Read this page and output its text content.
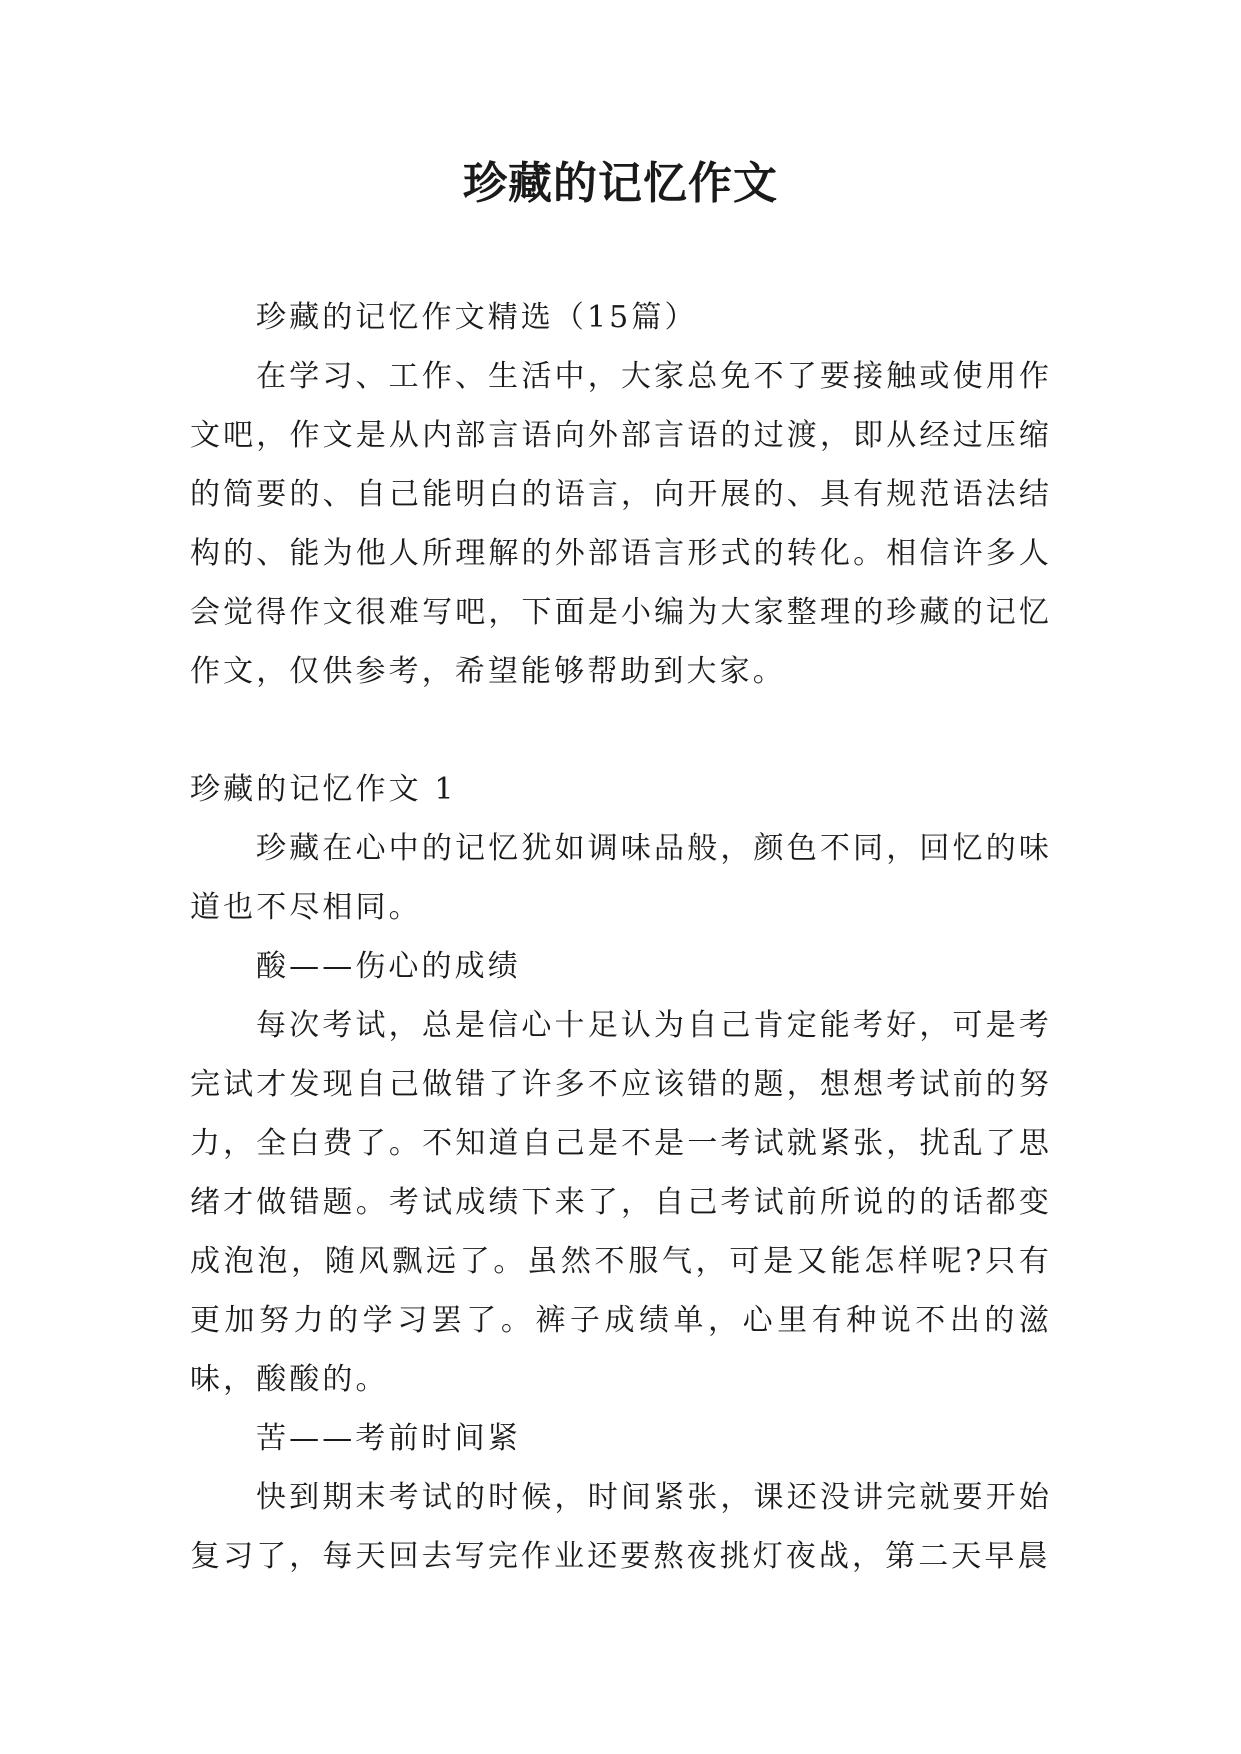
珍藏的记忆作文

珍藏的记忆作文精选（15篇）

在学习、工作、生活中，大家总免不了要接触或使用作文吧，作文是从内部言语向外部言语的过渡，即从经过压缩的简要的、自己能明白的语言，向开展的、具有规范语法结构的、能为他人所理解的外部语言形式的转化。相信许多人会觉得作文很难写吧，下面是小编为大家整理的珍藏的记忆作文，仅供参考，希望能够帮助到大家。

珍藏的记忆作文 1

珍藏在心中的记忆犹如调味品般，颜色不同，回忆的味道也不尽相同。

酸——伤心的成绩

每次考试，总是信心十足认为自己肯定能考好，可是考完试才发现自己做错了许多不应该错的题，想想考试前的努力，全白费了。不知道自己是不是一考试就紧张，扰乱了思绪才做错题。考试成绩下来了，自己考试前所说的的话都变成泡泡，随风飘远了。虽然不服气，可是又能怎样呢?只有更加努力的学习罢了。裤子成绩单，心里有种说不出的滋味，酸酸的。

苦——考前时间紧

快到期末考试的时候，时间紧张，课还没讲完就要开始复习了，每天回去写完作业还要熬夜挑灯夜战，第二天早晨
